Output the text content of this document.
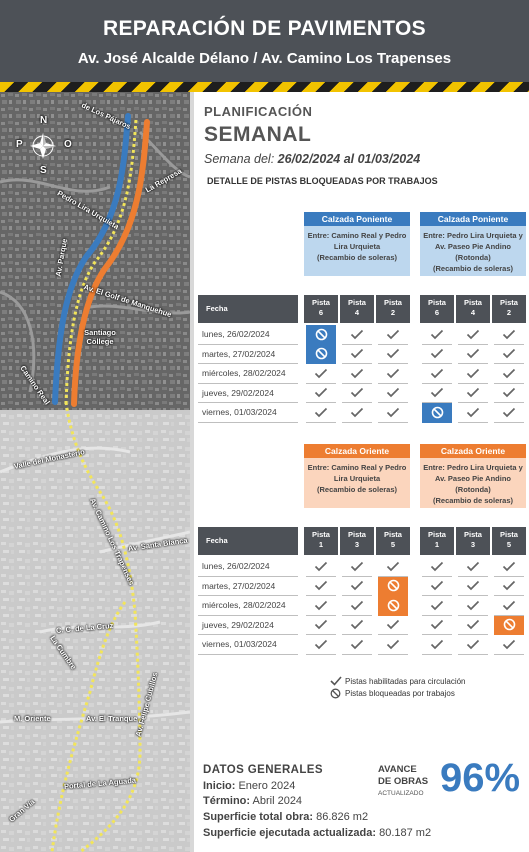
REPARACIÓN DE PAVIMENTOS
Av. José Alcalde Délano / Av. Camino Los Trapenses
N
S
P	O
de Los Pájaros
La Represa
Pedro Lira Urquieta
Av. Parque
Av. El Golf de Manquehue
Camino Real
Santiago College
Valle del Monasterio
Av. Camino Los Trapenses
Av. Santa Blanca
C. C. de La Cruz
La Cumbre
M. Oriente	Av. El Tranque
Av. Felipe Cubillos
Portal de La Aguada
Gran Vía
PLANIFICACIÓN
SEMANAL
Semana del: 26/02/2024 al 01/03/2024
DETALLE DE PISTAS BLOQUEADAS POR TRABAJOS
Calzada Poniente
Entre: Camino Real y Pedro
Lira Urquieta
(Recambio de soleras)
Calzada Poniente
Entre: Pedro Lira Urquieta y
Av. Paseo Pie Andino
(Rotonda)
(Recambio de soleras)
Fecha
Pista
6
Pista
4
Pista
2
Pista
6
Pista
4
Pista
2
lunes, 26/02/2024
martes, 27/02/2024
miércoles, 28/02/2024
jueves, 29/02/2024
viernes, 01/03/2024
Calzada Oriente
Entre: Camino Real y Pedro
Lira Urquieta
(Recambio de soleras)
Calzada Oriente
Entre: Pedro Lira Urquieta y
Av. Paseo Pie Andino
(Rotonda)
(Recambio de soleras)
Fecha
Pista
1
Pista
3
Pista
5
Pista
1
Pista
3
Pista
5
lunes, 26/02/2024
martes, 27/02/2024
miércoles, 28/02/2024
jueves, 29/02/2024
viernes, 01/03/2024
Pistas habilitadas para circulación
Pistas bloqueadas por trabajos
DATOS GENERALES
Inicio: Enero 2024
Término: Abril 2024
Superficie total obra: 86.826 m2
Superficie ejecutada actualizada: 80.187 m2
AVANCE
DE OBRAS
ACTUALIZADO 96%
